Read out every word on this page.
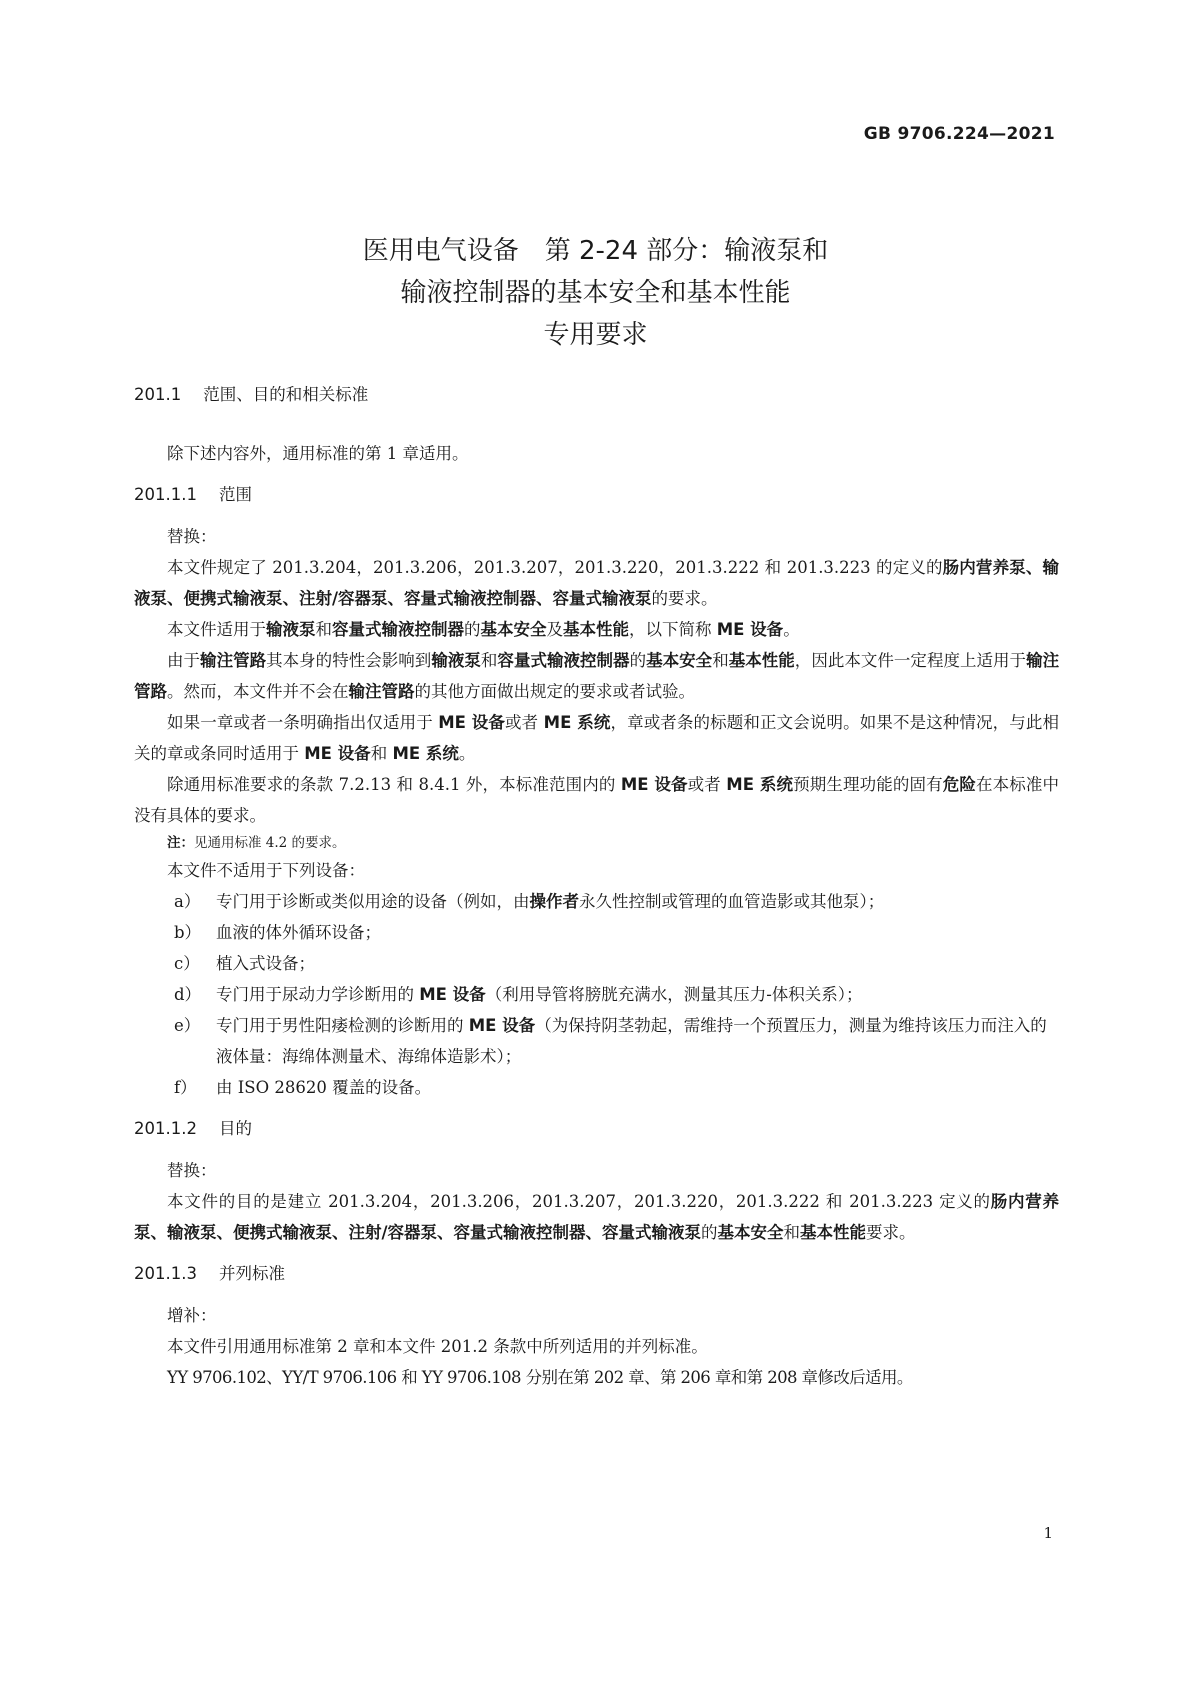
GB 9706.224—2021
医用电气设备　第 2-24 部分：输液泵和
输液控制器的基本安全和基本性能
专用要求
201.1 范围、目的和相关标准
除下述内容外，通用标准的第 1 章适用。
201.1.1 范围
替换：
本文件规定了 201.3.204，201.3.206，201.3.207，201.3.220，201.3.222 和 201.3.223 的定义的肠内营养泵、输液泵、便携式输液泵、注射/容器泵、容量式输液控制器、容量式输液泵的要求。
本文件适用于输液泵和容量式输液控制器的基本安全及基本性能，以下简称 ME 设备。
由于输注管路其本身的特性会影响到输液泵和容量式输液控制器的基本安全和基本性能，因此本文件一定程度上适用于输注管路。然而，本文件并不会在输注管路的其他方面做出规定的要求或者试验。
如果一章或者一条明确指出仅适用于 ME 设备或者 ME 系统，章或者条的标题和正文会说明。如果不是这种情况，与此相关的章或条同时适用于 ME 设备和 ME 系统。
除通用标准要求的条款 7.2.13 和 8.4.1 外，本标准范围内的 ME 设备或者 ME 系统预期生理功能的固有危险在本标准中没有具体的要求。
注：见通用标准 4.2 的要求。
本文件不适用于下列设备：
a） 专门用于诊断或类似用途的设备（例如，由操作者永久性控制或管理的血管造影或其他泵）；
b） 血液的体外循环设备；
c） 植入式设备；
d） 专门用于尿动力学诊断用的 ME 设备（利用导管将膀胱充满水，测量其压力-体积关系）；
e） 专门用于男性阳痿检测的诊断用的 ME 设备（为保持阴茎勃起，需维持一个预置压力，测量为维持该压力而注入的液体量：海绵体测量术、海绵体造影术）；
f） 由 ISO 28620 覆盖的设备。
201.1.2 目的
替换：
本文件的目的是建立 201.3.204，201.3.206，201.3.207，201.3.220，201.3.222 和 201.3.223 定义的肠内营养泵、输液泵、便携式输液泵、注射/容器泵、容量式输液控制器、容量式输液泵的基本安全和基本性能要求。
201.1.3 并列标准
增补：
本文件引用通用标准第 2 章和本文件 201.2 条款中所列适用的并列标准。
YY 9706.102、YY/T 9706.106 和 YY 9706.108 分别在第 202 章、第 206 章和第 208 章修改后适用。
1
